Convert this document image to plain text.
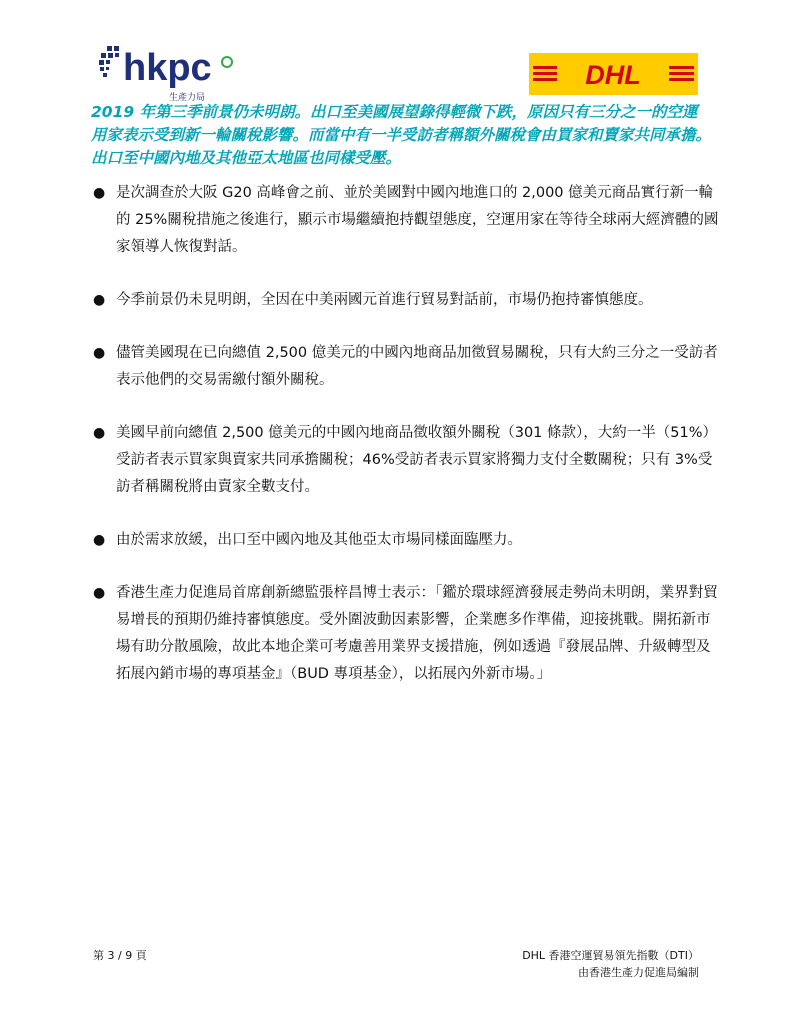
hkpc
生產力局
DHL
2019 年第三季前景仍未明朗。出口至美國展望錄得輕微下跌，原因只有三分之一的空運用家表示受到新一輪關稅影響。而當中有一半受訪者稱額外關稅會由買家和賣家共同承擔。出口至中國內地及其他亞太地區也同樣受壓。
● 是次調查於大阪 G20 高峰會之前、並於美國對中國內地進口的 2,000 億美元商品實行新一輪的 25%關稅措施之後進行，顯示市場繼續抱持觀望態度，空運用家在等待全球兩大經濟體的國家領導人恢復對話。
● 今季前景仍未見明朗，全因在中美兩國元首進行貿易對話前，市場仍抱持審慎態度。
● 儘管美國現在已向總值 2,500 億美元的中國內地商品加徵貿易關稅，只有大約三分之一受訪者表示他們的交易需繳付額外關稅。
● 美國早前向總值 2,500 億美元的中國內地商品徵收額外關稅（301 條款），大約一半（51%）受訪者表示買家與賣家共同承擔關稅；46%受訪者表示買家將獨力支付全數關稅；只有 3%受訪者稱關稅將由賣家全數支付。
● 由於需求放緩，出口至中國內地及其他亞太市場同樣面臨壓力。
● 香港生產力促進局首席創新總監張梓昌博士表示：「鑑於環球經濟發展走勢尚未明朗，業界對貿易增長的預期仍維持審慎態度。受外圍波動因素影響，企業應多作準備，迎接挑戰。開拓新市場有助分散風險，故此本地企業可考慮善用業界支援措施，例如透過『發展品牌、升級轉型及拓展內銷市場的專項基金』（BUD 專項基金），以拓展內外新市場。」
第 3 / 9 頁	DHL 香港空運貿易領先指數（DTI）
由香港生產力促進局編制
